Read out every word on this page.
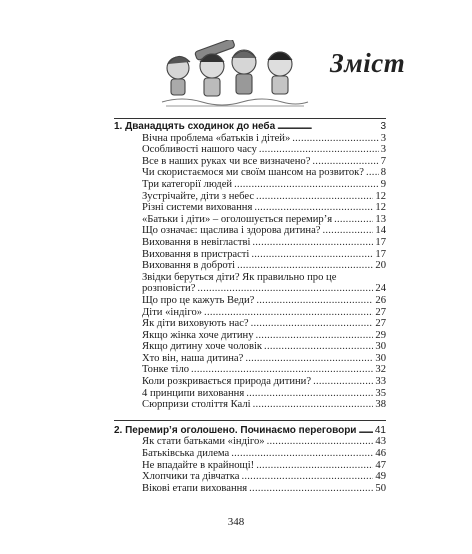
Зміст
1. Дванадцять сходинок до неба . . .	3
Вічна проблема «батьків і дітей» . . .	3
Особливості нашого часу . . .	3
Все в наших руках чи все визначено? . . .	7
Чи скористаємося ми своїм шансом на розвиток? . . . 8
Три категорії людей . . .	9
Зустрічайте, діти з небес . . .	12
Різні системи виховання . . .	12
«Батьки і діти» – оголошується перемир’я . . .	13
Що означає: щаслива і здорова дитина? . . .	14
Виховання в невігластві . . .	17
Виховання в пристрасті . . .	17
Виховання в доброті . . .	20
Звідки беруться діти? Як правильно про це
розповісти? . . .	24
Що про це кажуть Веди? . . .	26
Діти «індіго» . . .	27
Як діти виховують нас? . . .	27
Якщо жінка хоче дитину . . .	29
Якщо дитину хоче чоловік . . .	30
Хто він, наша дитина? . . .	30
Тонке тіло . . .	32
Коли розкривається природа дитини? . . .	33
4 принципи виховання . . .	35
Сюрпризи століття Калі . . .	38
2. Перемир’я оголошено. Починаємо переговори . . . 41
Як стати батьками «індіго» . . .	43
Батьківська дилема . . .	46
Не впадайте в крайнощі! . . .	47
Хлопчики та дівчатка . . .	49
Вікові етапи виховання . . .	50
348
